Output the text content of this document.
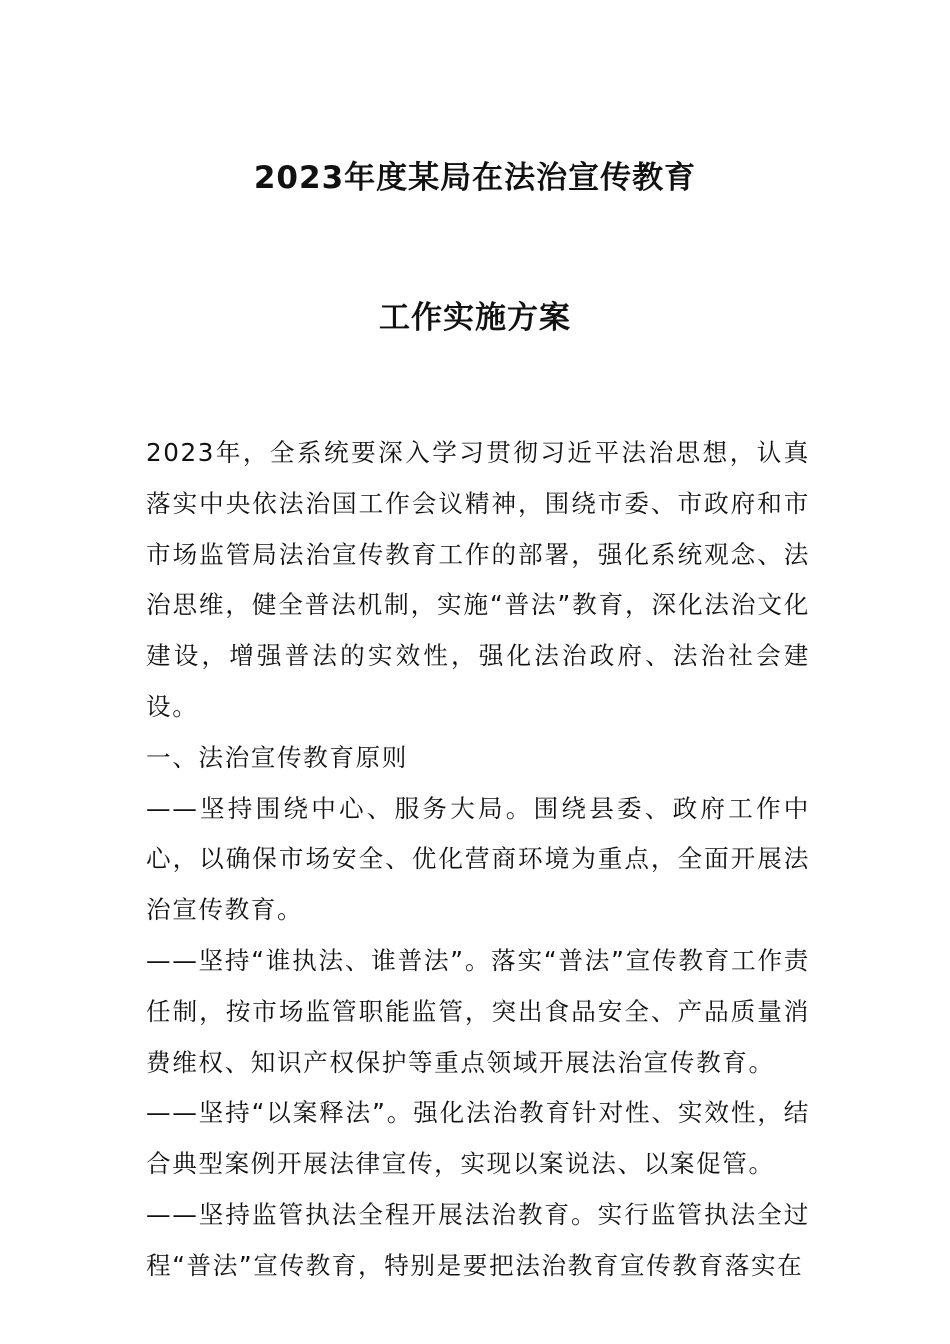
2023年度某局在法治宣传教育
工作实施方案

2023年，全系统要深入学习贯彻习近平法治思想，认真落实中央依法治国工作会议精神，围绕市委、市政府和市市场监管局法治宣传教育工作的部署，强化系统观念、法治思维，健全普法机制，实施“普法”教育，深化法治文化建设，增强普法的实效性，强化法治政府、法治社会建设。

一、法治宣传教育原则

——坚持围绕中心、服务大局。围绕县委、政府工作中心，以确保市场安全、优化营商环境为重点，全面开展法治宣传教育。

——坚持“谁执法、谁普法”。落实“普法”宣传教育工作责任制，按市场监管职能监管，突出食品安全、产品质量消费维权、知识产权保护等重点领域开展法治宣传教育。

——坚持“以案释法”。强化法治教育针对性、实效性，结合典型案例开展法律宣传，实现以案说法、以案促管。

——坚持监管执法全程开展法治教育。实行监管执法全过程“普法”宣传教育，特别是要把法治教育宣传教育落实在
